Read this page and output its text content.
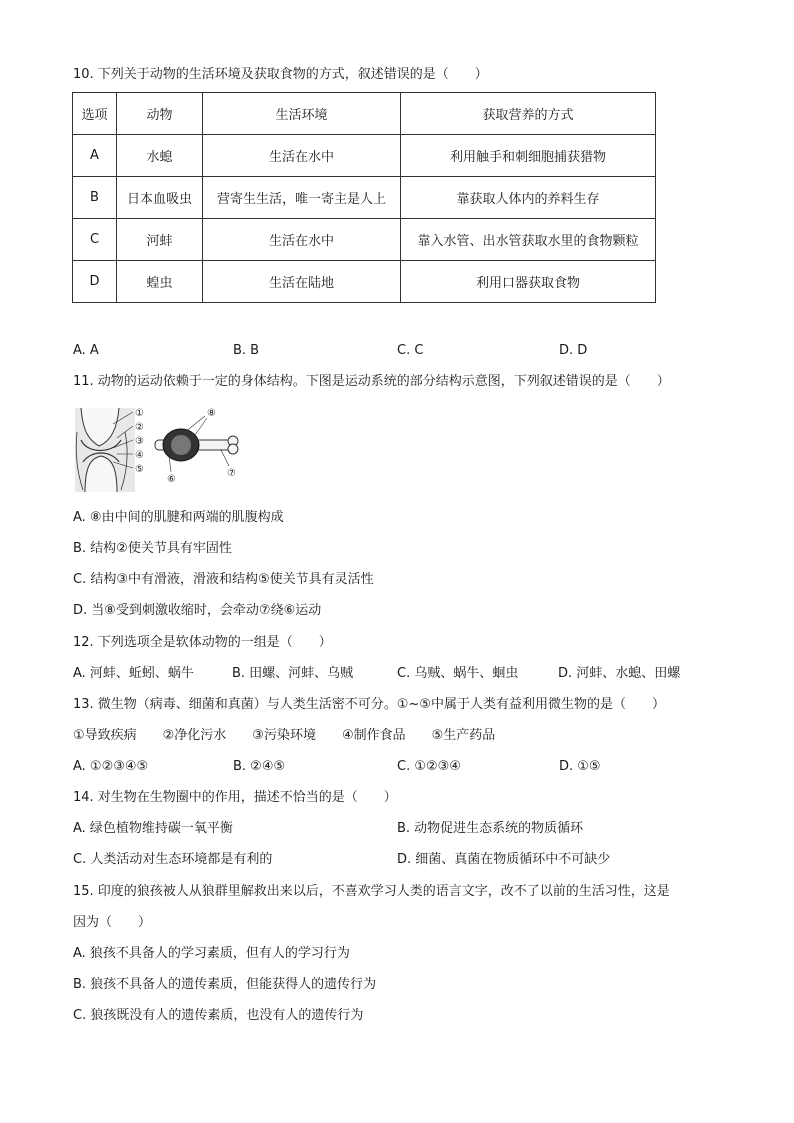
10. 下列关于动物的生活环境及获取食物的方式，叙述错误的是（　　）
选项	动物	生活环境	获取营养的方式
A	水螅	生活在水中	利用触手和刺细胞捕获猎物
B	日本血吸虫	营寄生生活，唯一寄主是人上	靠获取人体内的养料生存
C	河蚌	生活在水中	靠入水管、出水管获取水里的食物颗粒
D	蝗虫	生活在陆地	利用口器获取食物
A. A	B. B	C. C	D. D
11. 动物的运动依赖于一定的身体结构。下图是运动系统的部分结构示意图，下列叙述错误的是（　　）
①
②
③
④
⑤
⑧
⑥
⑦
A. ⑧由中间的肌腱和两端的肌腹构成
B. 结构②使关节具有牢固性
C. 结构③中有滑液，滑液和结构⑤使关节具有灵活性
D. 当⑧受到刺激收缩时，会牵动⑦绕⑥运动
12. 下列选项全是软体动物的一组是（　　）
A. 河蚌、蚯蚓、蜗牛	B. 田螺、河蚌、乌贼	C. 乌贼、蜗牛、蛔虫	D. 河蚌、水螅、田螺
13. 微生物（病毒、细菌和真菌）与人类生活密不可分。①~⑤中属于人类有益利用微生物的是（　　）
①导致疾病　　②净化污水　　③污染环境　　④制作食品　　⑤生产药品
A. ①②③④⑤	B. ②④⑤	C. ①②③④	D. ①⑤
14. 对生物在生物圈中的作用，描述不恰当的是（　　）
A. 绿色植物维持碳一氧平衡	B. 动物促进生态系统的物质循环
C. 人类活动对生态环境都是有利的	D. 细菌、真菌在物质循环中不可缺少
15. 印度的狼孩被人从狼群里解救出来以后，不喜欢学习人类的语言文字，改不了以前的生活习性，这是
因为（　　）
A. 狼孩不具备人的学习素质，但有人的学习行为
B. 狼孩不具备人的遗传素质，但能获得人的遗传行为
C. 狼孩既没有人的遗传素质，也没有人的遗传行为
